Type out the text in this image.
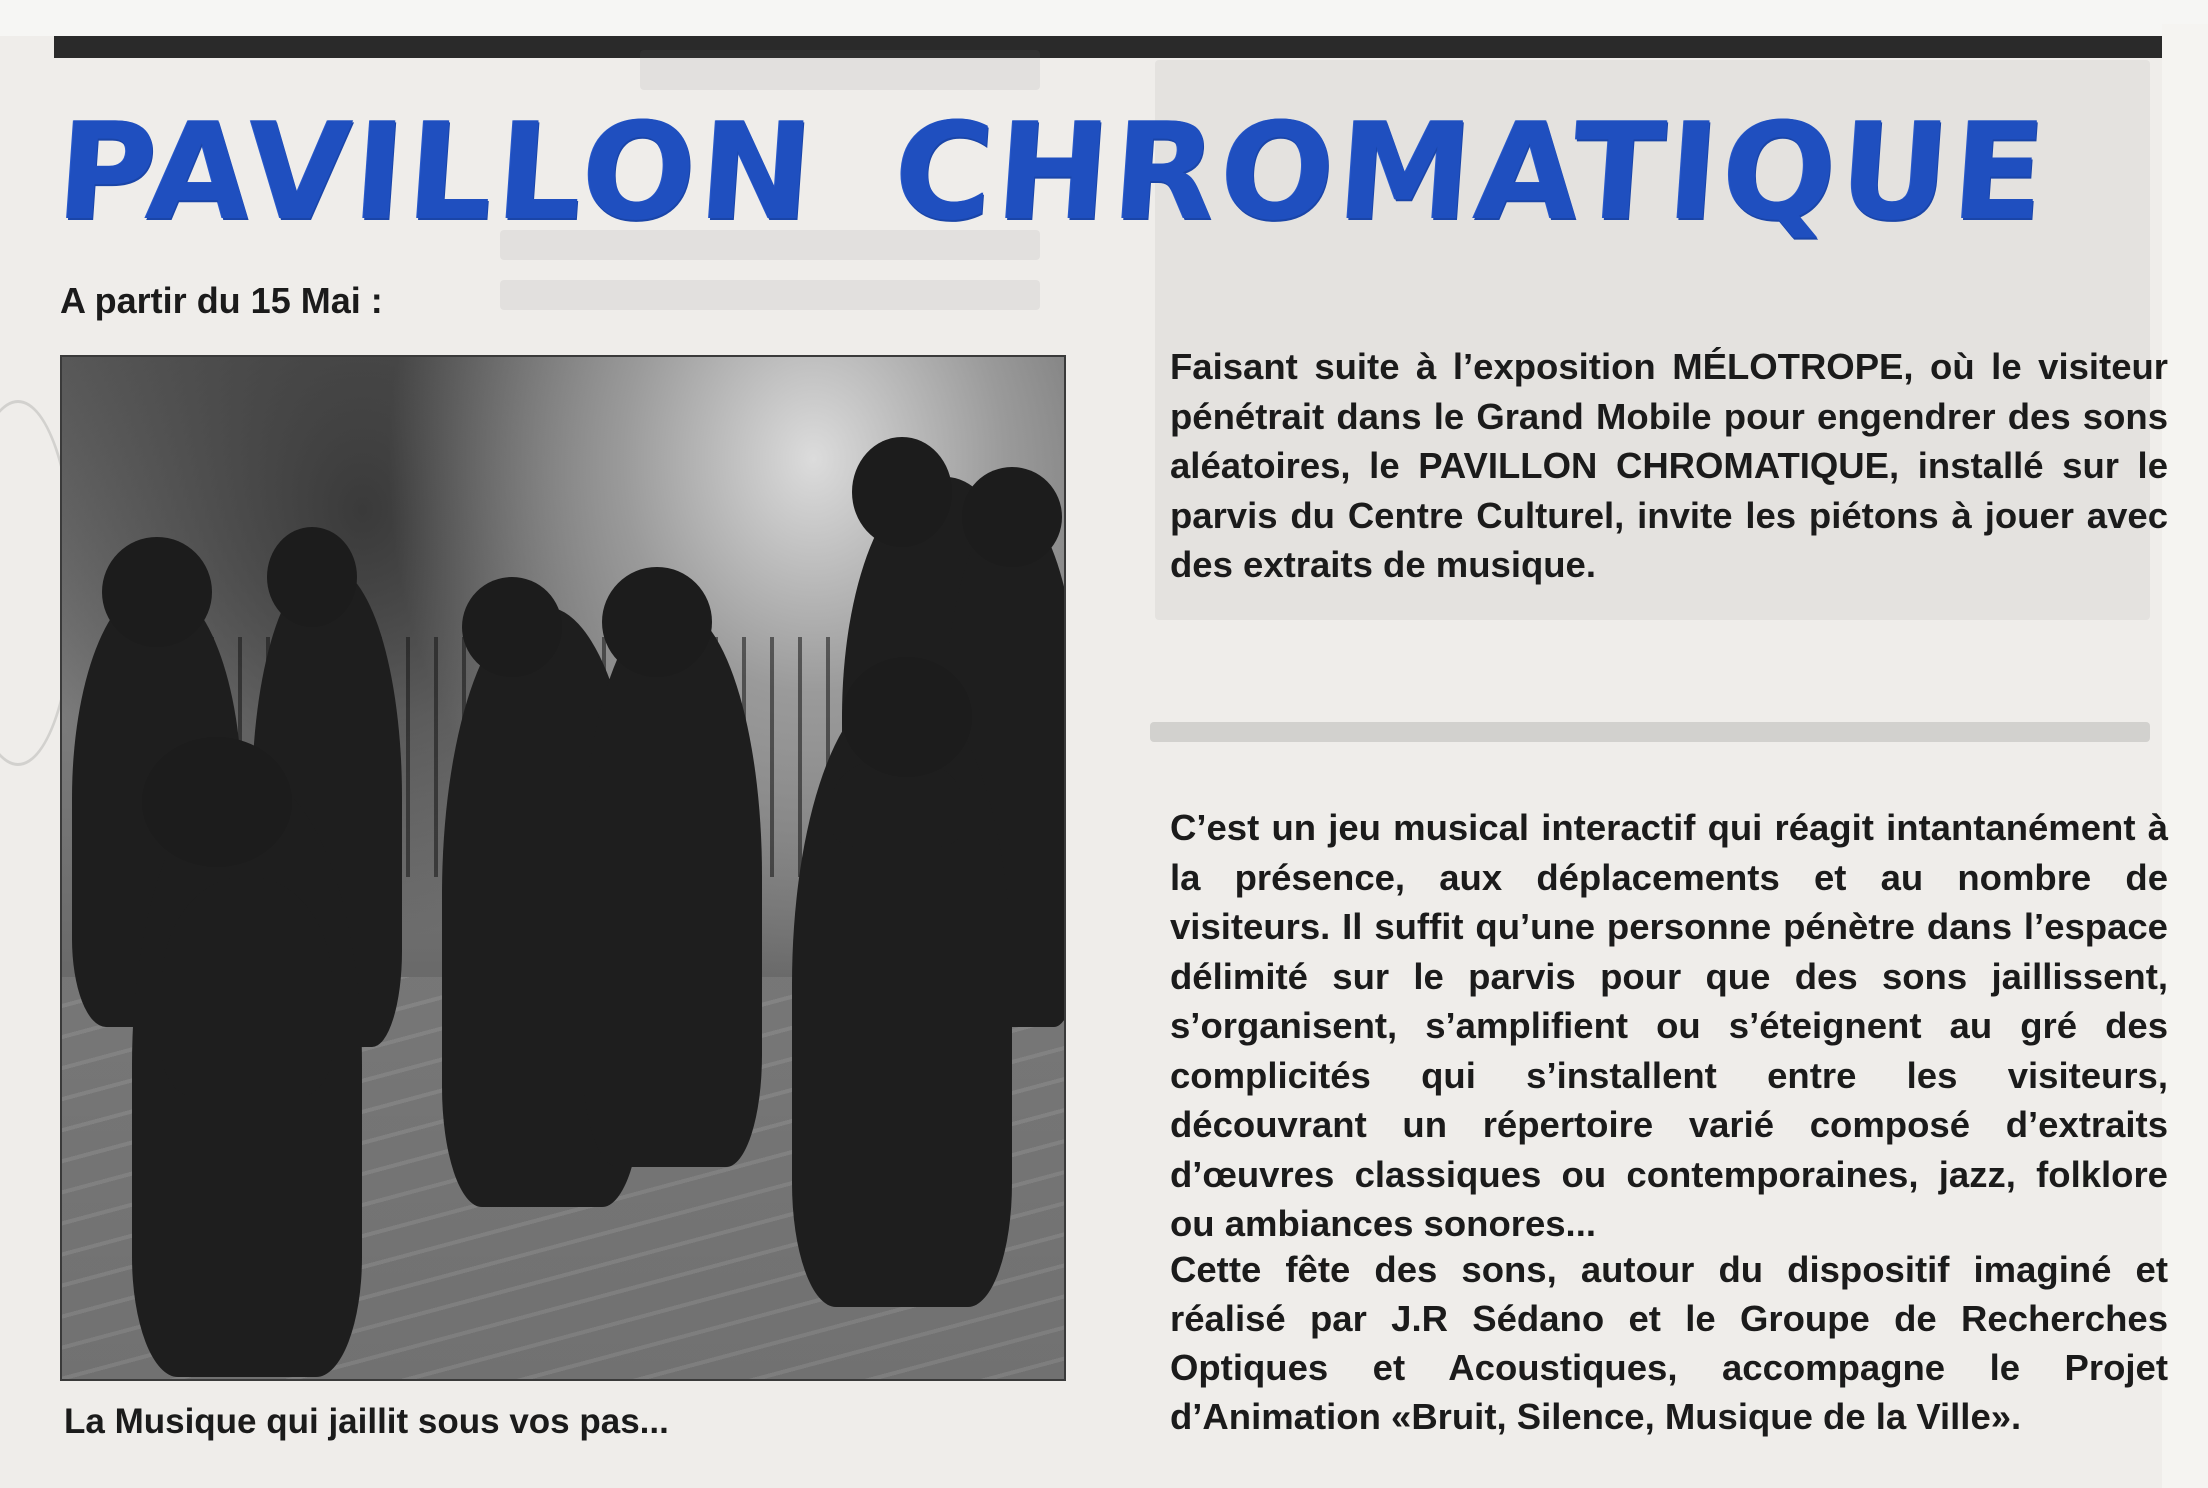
PAVILLON CHROMATIQUE
A partir du 15 Mai :
La Musique qui jaillit sous vos pas...

Faisant suite à l’exposition MÉLOTROPE, où le visiteur pénétrait dans le Grand Mobile pour engendrer des sons aléatoires, le PAVILLON CHROMATIQUE, installé sur le parvis du Centre Culturel, invite les piétons à jouer avec des extraits de musique.

C’est un jeu musical interactif qui réagit intantanément à la présence, aux déplacements et au nombre de visiteurs. Il suffit qu’une personne pénètre dans l’espace délimité sur le parvis pour que des sons jaillissent, s’organisent, s’amplifient ou s’éteignent au gré des complicités qui s’installent entre les visiteurs, découvrant un répertoire varié composé d’extraits d’œuvres classiques ou contemporaines, jazz, folklore ou ambiances sonores...

Cette fête des sons, autour du dispositif imaginé et réalisé par J.R Sédano et le Groupe de Recherches Optiques et Acoustiques, accompagne le Projet d’Animation «Bruit, Silence, Musique de la Ville».
